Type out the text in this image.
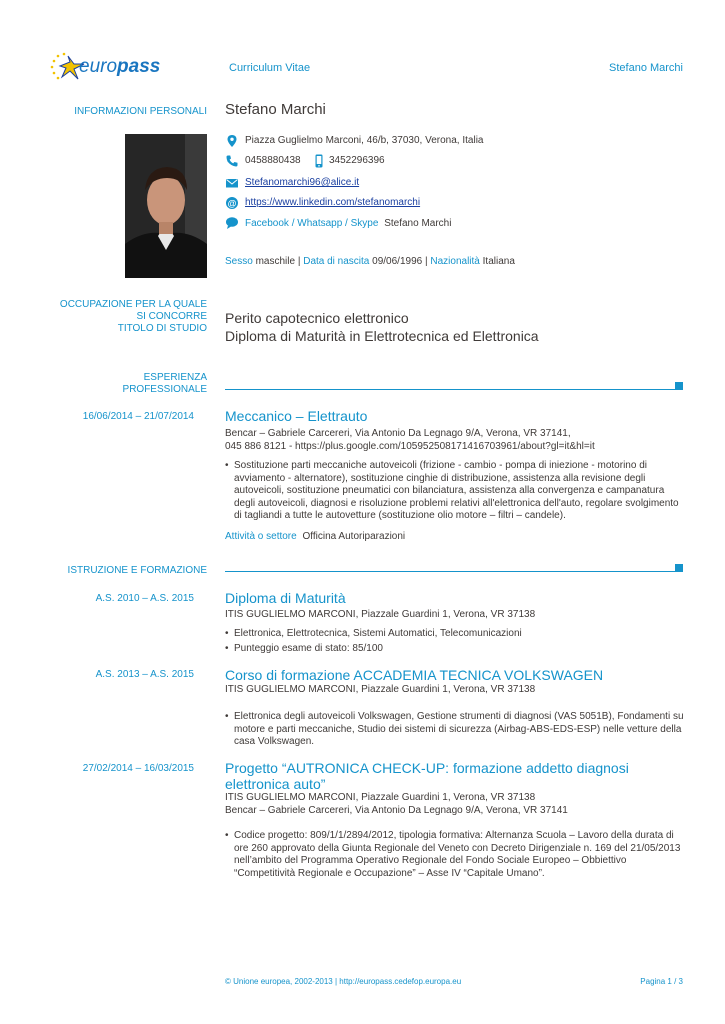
europass	Curriculum Vitae	Stefano Marchi
INFORMAZIONI PERSONALI Stefano Marchi
Piazza Guglielmo Marconi, 46/b, 37030, Verona, Italia
0458880438	3452296396
Stefanomarchi96@alice.it
@ https://www.linkedin.com/stefanomarchi
Facebook / Whatsapp / Skype Stefano Marchi
Sesso maschile | Data di nascita 09/06/1996 | Nazionalità Italiana
OCCUPAZIONE PER LA QUALE
SI CONCORRE
TITOLO DI STUDIO
Perito capotecnico elettronico
Diploma di Maturità in Elettrotecnica ed Elettronica
ESPERIENZA
PROFESSIONALE
16/06/2014 – 21/07/2014 Meccanico – Elettrauto
Bencar – Gabriele Carcereri, Via Antonio Da Legnago 9/A, Verona, VR 37141,
045 886 8121 - https://plus.google.com/105952508171416703961/about?gl=it&hl=it
• Sostituzione parti meccaniche autoveicoli (frizione - cambio - pompa di iniezione - motorino di avviamento - alternatore), sostituzione cinghie di distribuzione, assistenza alla revisione degli autoveicoli, sostituzione pneumatici con bilanciatura, assistenza alla convergenza e campanatura degli autoveicoli, diagnosi e risoluzione problemi relativi all'elettronica dell'auto, regolare svolgimento di tagliandi a tutte le autovetture (sostituzione olio motore – filtri – candele).
Attività o settore Officina Autoriparazioni
ISTRUZIONE E FORMAZIONE
A.S. 2010 – A.S. 2015 Diploma di Maturità
ITIS GUGLIELMO MARCONI, Piazzale Guardini 1, Verona, VR 37138
• Elettronica, Elettrotecnica, Sistemi Automatici, Telecomunicazioni
• Punteggio esame di stato: 85/100
A.S. 2013 – A.S. 2015 Corso di formazione ACCADEMIA TECNICA VOLKSWAGEN
ITIS GUGLIELMO MARCONI, Piazzale Guardini 1, Verona, VR 37138
• Elettronica degli autoveicoli Volkswagen, Gestione strumenti di diagnosi (VAS 5051B), Fondamenti su motore e parti meccaniche, Studio dei sistemi di sicurezza (Airbag-ABS-EDS-ESP) nelle vetture della casa Volkswagen.
27/02/2014 – 16/03/2015 Progetto “AUTRONICA CHECK-UP: formazione addetto diagnosi elettronica auto”
ITIS GUGLIELMO MARCONI, Piazzale Guardini 1, Verona, VR 37138
Bencar – Gabriele Carcereri, Via Antonio Da Legnago 9/A, Verona, VR 37141
• Codice progetto: 809/1/1/2894/2012, tipologia formativa: Alternanza Scuola – Lavoro della durata di ore 260 approvato della Giunta Regionale del Veneto con Decreto Dirigenziale n. 169 del 21/05/2013 nell’ambito del Programma Operativo Regionale del Fondo Sociale Europeo – Obbiettivo “Competitività Regionale e Occupazione” – Asse IV “Capitale Umano”.
© Unione europea, 2002-2013 | http://europass.cedefop.europa.eu	Pagina 1 / 3
